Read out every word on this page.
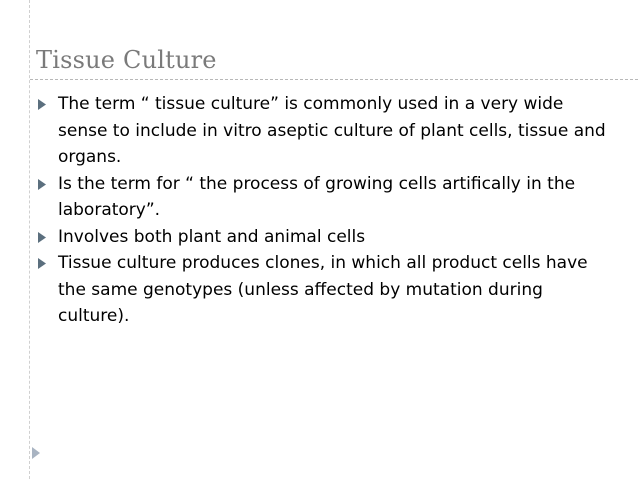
Tissue Culture
The term “ tissue culture” is commonly used in a very wide sense to include in vitro aseptic culture of plant cells, tissue and organs.
Is the term for “ the process of growing cells artifically in the laboratory”.
Involves both plant and animal cells
Tissue culture produces clones, in which all product cells have the same genotypes (unless affected by mutation during culture).
